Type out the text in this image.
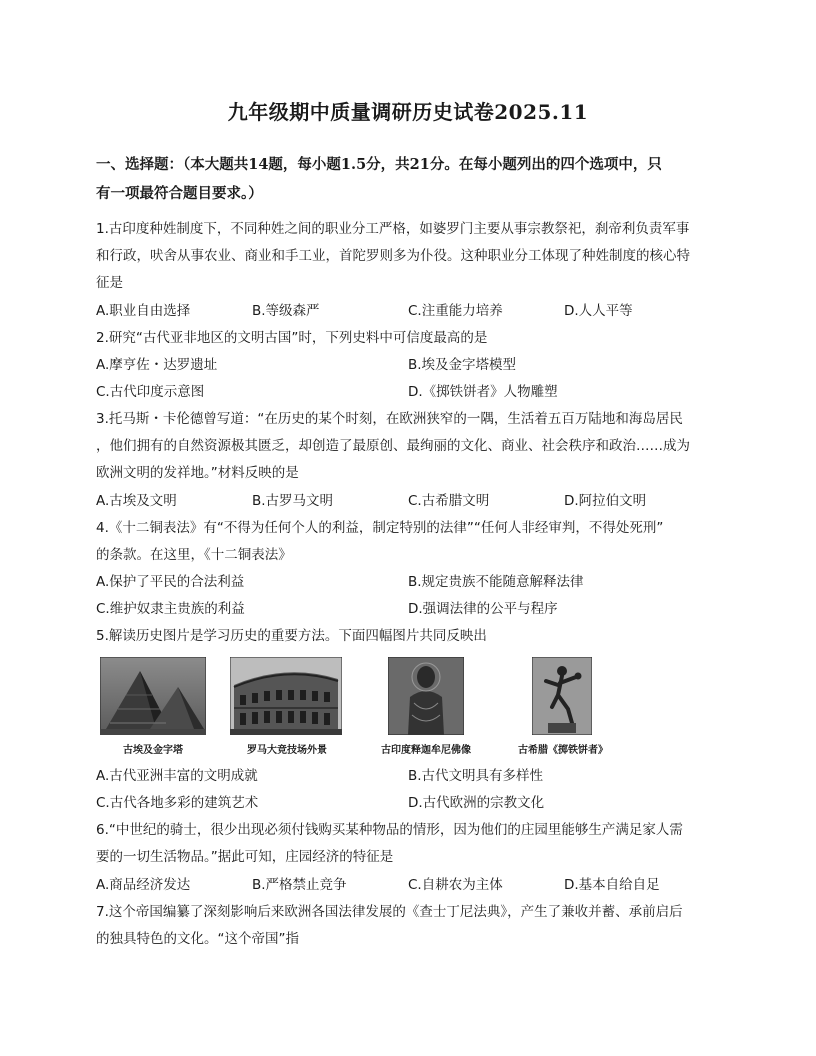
九年级期中质量调研历史试卷2025.11
一、选择题：（本大题共14题，每小题1.5分，共21分。在每小题列出的四个选项中，只
有一项最符合题目要求。）
1.古印度种姓制度下，不同种姓之间的职业分工严格，如婆罗门主要从事宗教祭祀，刹帝利负责军事
和行政，吠舍从事农业、商业和手工业，首陀罗则多为仆役。这种职业分工体现了种姓制度的核心特
征是
A.职业自由选择	B.等级森严	C.注重能力培养	D.人人平等
2.研究“古代亚非地区的文明古国”时，下列史料中可信度最高的是
A.摩亨佐・达罗遗址	B.埃及金字塔模型
C.古代印度示意图	D.《掷铁饼者》人物雕塑
3.托马斯・卡伦德曾写道：“在历史的某个时刻，在欧洲狭窄的一隅，生活着五百万陆地和海岛居民
，他们拥有的自然资源极其匮乏，却创造了最原创、最绚丽的文化、商业、社会秩序和政治……成为
欧洲文明的发祥地。”材料反映的是
A.古埃及文明	B.古罗马文明	C.古希腊文明	D.阿拉伯文明
4.《十二铜表法》有“不得为任何个人的利益，制定特别的法律”“任何人非经审判，不得处死刑”
的条款。在这里，《十二铜表法》
A.保护了平民的合法利益	B.规定贵族不能随意解释法律
C.维护奴隶主贵族的利益	D.强调法律的公平与程序
5.解读历史图片是学习历史的重要方法。下面四幅图片共同反映出
古埃及金字塔	罗马大竞技场外景	古印度释迦牟尼佛像	古希腊《掷铁饼者》
A.古代亚洲丰富的文明成就	B.古代文明具有多样性
C.古代各地多彩的建筑艺术	D.古代欧洲的宗教文化
6.“中世纪的骑士，很少出现必须付钱购买某种物品的情形，因为他们的庄园里能够生产满足家人需
要的一切生活物品。”据此可知，庄园经济的特征是
A.商品经济发达	B.严格禁止竞争	C.自耕农为主体	D.基本自给自足
7.这个帝国编纂了深刻影响后来欧洲各国法律发展的《查士丁尼法典》，产生了兼收并蓄、承前启后
的独具特色的文化。“这个帝国”指
